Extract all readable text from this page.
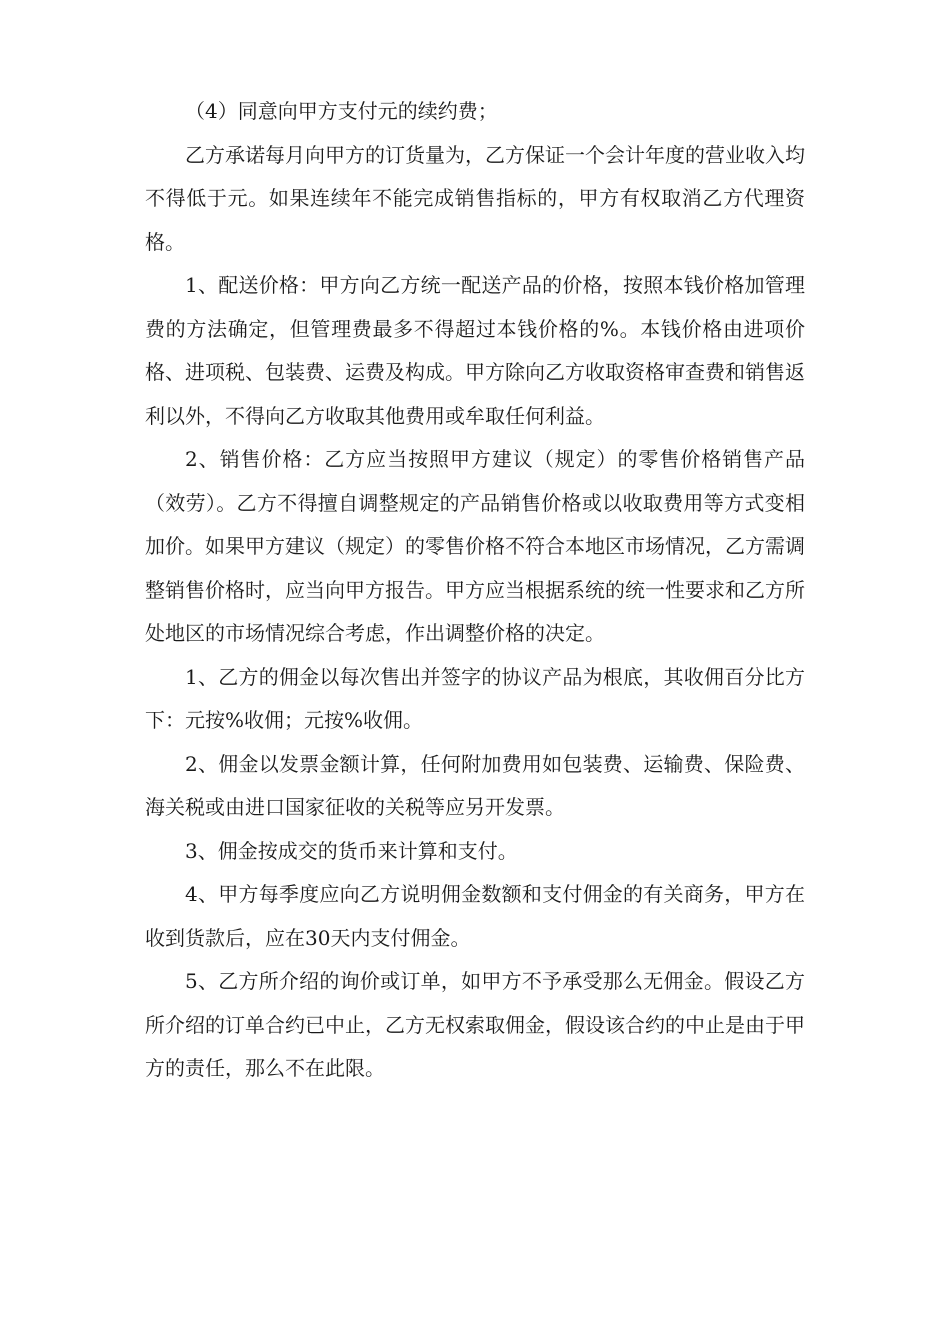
（4）同意向甲方支付元的续约费；

乙方承诺每月向甲方的订货量为，乙方保证一个会计年度的营业收入均不得低于元。如果连续年不能完成销售指标的，甲方有权取消乙方代理资格。

1、配送价格：甲方向乙方统一配送产品的价格，按照本钱价格加管理费的方法确定，但管理费最多不得超过本钱价格的%。本钱价格由进项价格、进项税、包装费、运费及构成。甲方除向乙方收取资格审查费和销售返利以外，不得向乙方收取其他费用或牟取任何利益。

2、销售价格：乙方应当按照甲方建议（规定）的零售价格销售产品（效劳）。乙方不得擅自调整规定的产品销售价格或以收取费用等方式变相加价。如果甲方建议（规定）的零售价格不符合本地区市场情况，乙方需调整销售价格时，应当向甲方报告。甲方应当根据系统的统一性要求和乙方所处地区的市场情况综合考虑，作出调整价格的决定。

1、乙方的佣金以每次售出并签字的协议产品为根底，其收佣百分比方下：元按%收佣；元按%收佣。

2、佣金以发票金额计算，任何附加费用如包装费、运输费、保险费、海关税或由进口国家征收的关税等应另开发票。

3、佣金按成交的货币来计算和支付。

4、甲方每季度应向乙方说明佣金数额和支付佣金的有关商务，甲方在收到货款后，应在30天内支付佣金。

5、乙方所介绍的询价或订单，如甲方不予承受那么无佣金。假设乙方所介绍的订单合约已中止，乙方无权索取佣金，假设该合约的中止是由于甲方的责任，那么不在此限。
